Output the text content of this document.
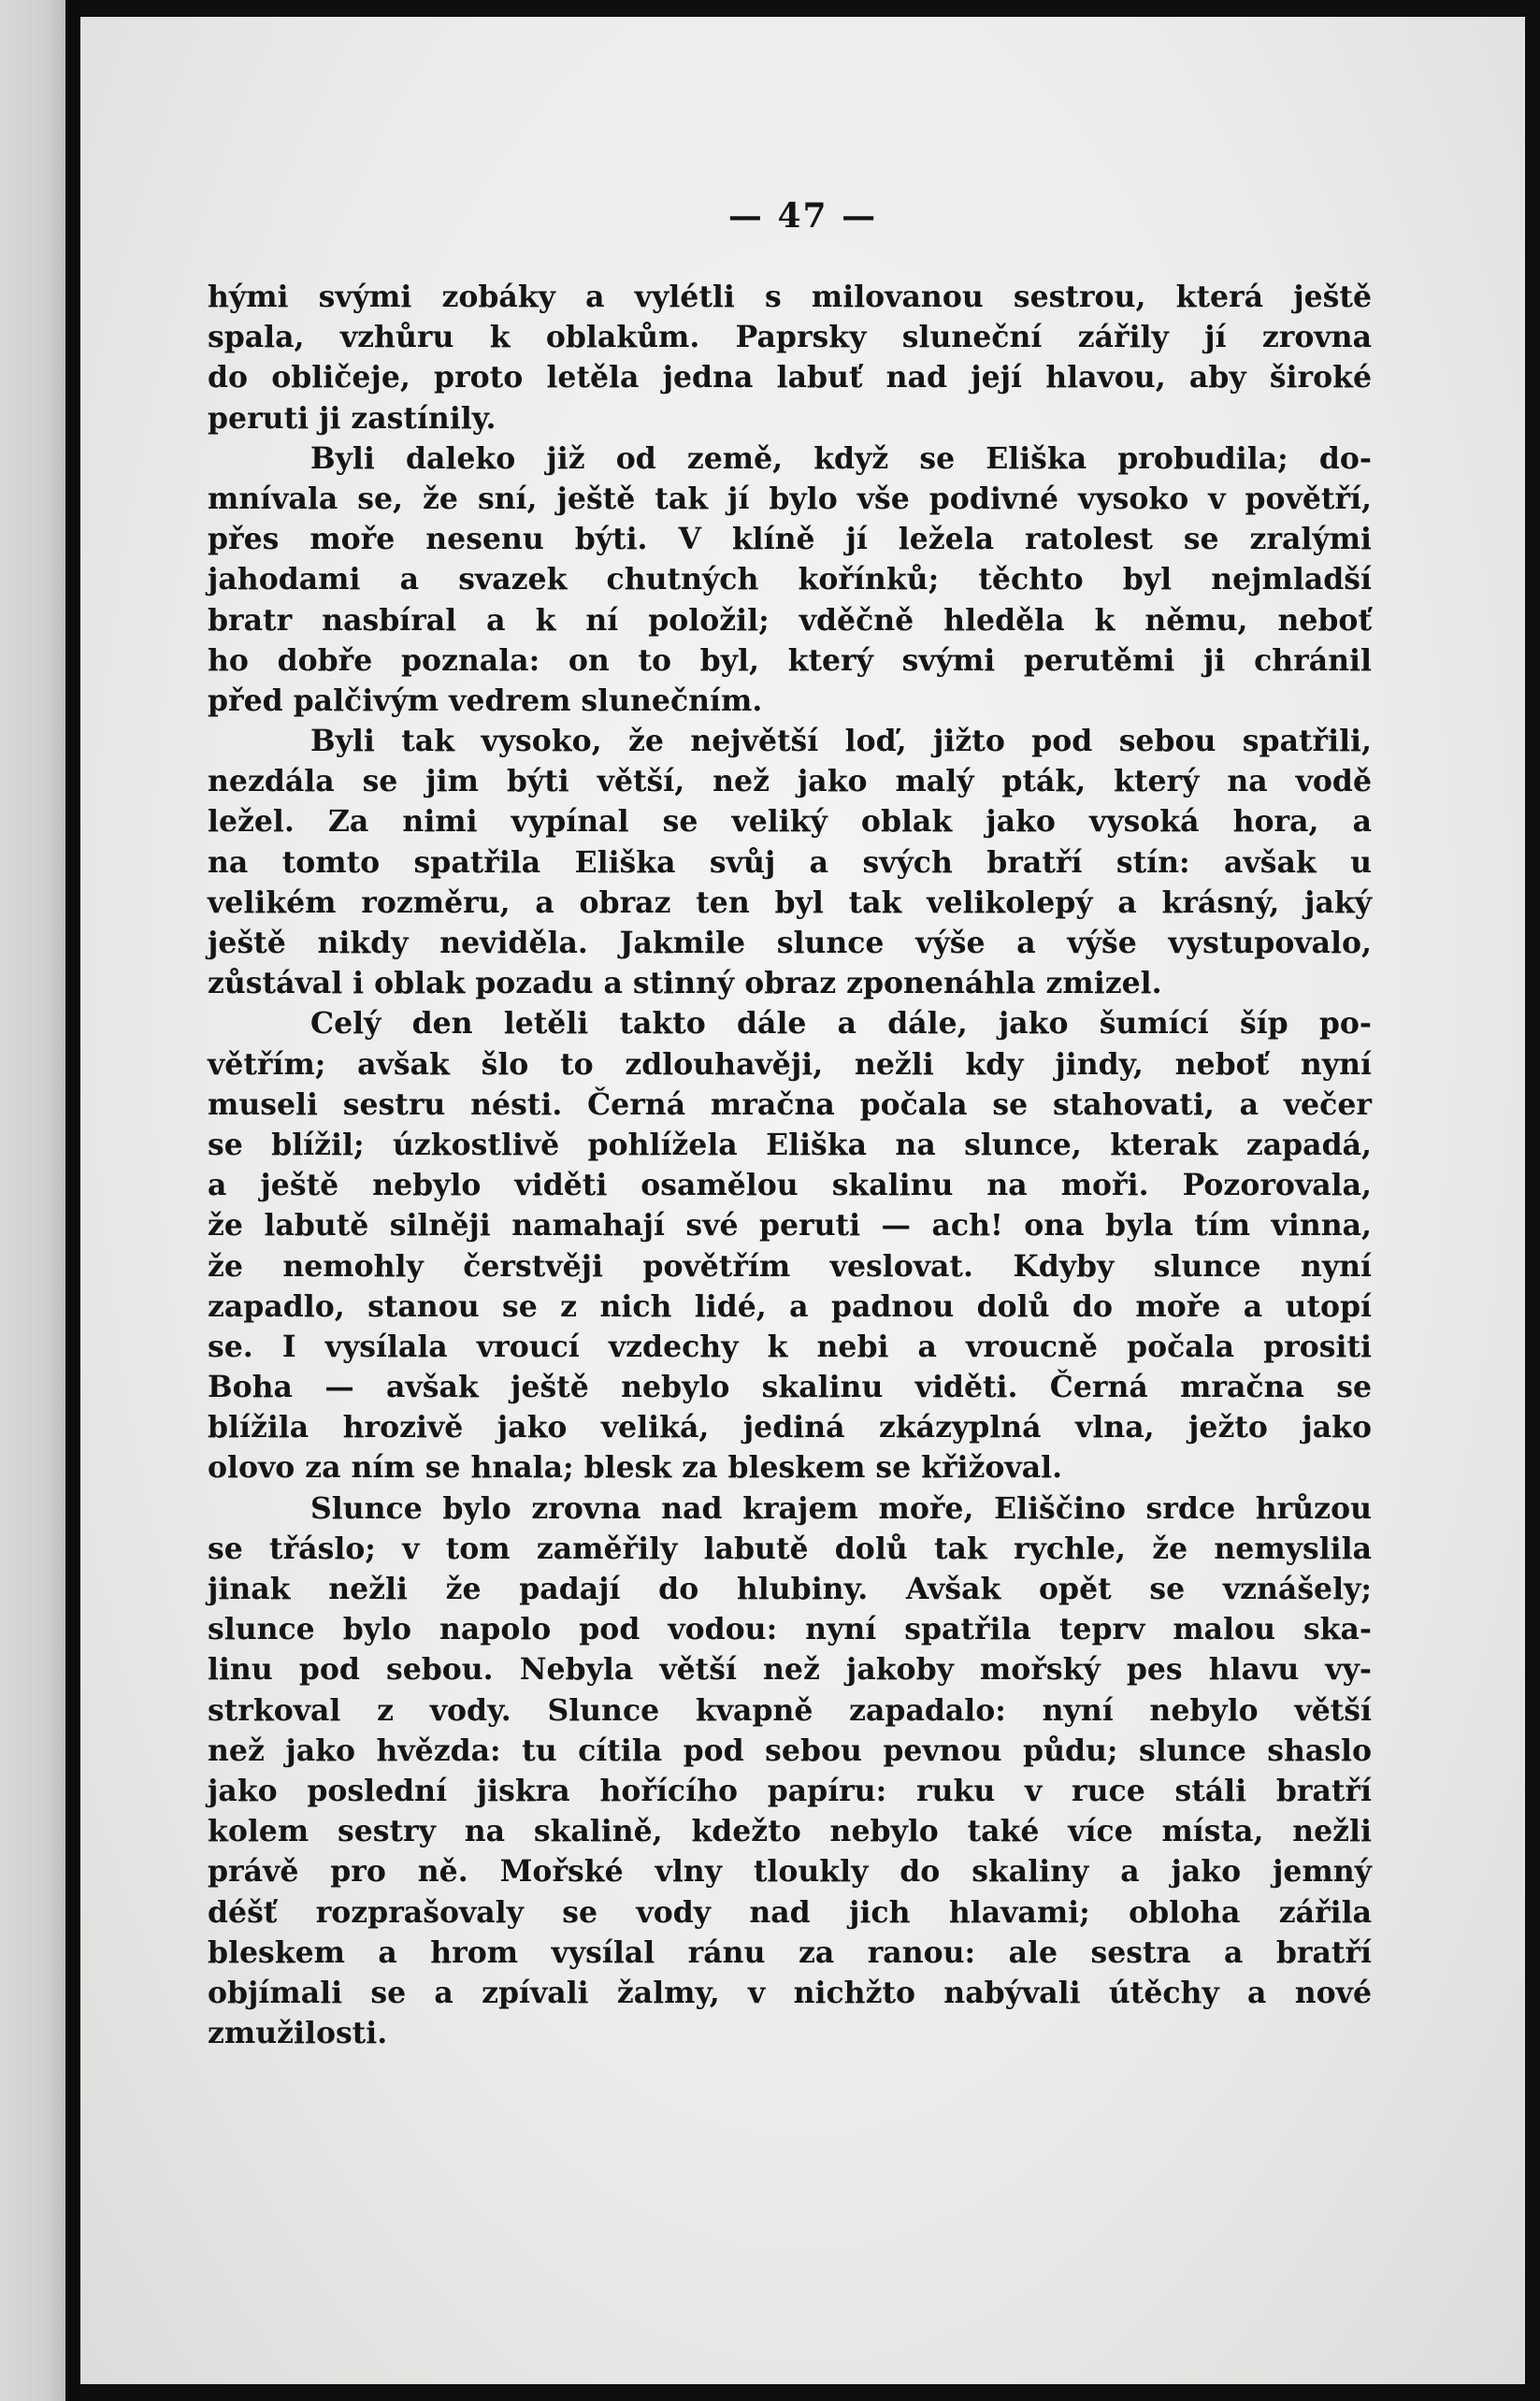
— 47 —
hými svými zobáky a vylétli s milovanou sestrou, která ještě
spala, vzhůru k oblakům. Paprsky sluneční zářily jí zrovna
do obličeje, proto letěla jedna labuť nad její hlavou, aby široké
peruti ji zastínily.
Byli daleko již od země, když se Eliška probudila; do-
mnívala se, že sní, ještě tak jí bylo vše podivné vysoko v povětří,
přes moře nesenu býti. V klíně jí ležela ratolest se zralými
jahodami a svazek chutných kořínků; těchto byl nejmladší
bratr nasbíral a k ní položil; vděčně hleděla k němu, neboť
ho dobře poznala: on to byl, který svými perutěmi ji chránil
před palčivým vedrem slunečním.
Byli tak vysoko, že největší loď, jižto pod sebou spatřili,
nezdála se jim býti větší, než jako malý pták, který na vodě
ležel. Za nimi vypínal se veliký oblak jako vysoká hora, a
na tomto spatřila Eliška svůj a svých bratří stín: avšak u
velikém rozměru, a obraz ten byl tak velikolepý a krásný, jaký
ještě nikdy neviděla. Jakmile slunce výše a výše vystupovalo,
zůstával i oblak pozadu a stinný obraz zponenáhla zmizel.
Celý den letěli takto dále a dále, jako šumící šíp po-
větřím; avšak šlo to zdlouhavěji, nežli kdy jindy, neboť nyní
museli sestru nésti. Černá mračna počala se stahovati, a večer
se blížil; úzkostlivě pohlížela Eliška na slunce, kterak zapadá,
a ještě nebylo viděti osamělou skalinu na moři. Pozorovala,
že labutě silněji namahají své peruti — ach! ona byla tím vinna,
že nemohly čerstvěji povětřím veslovat. Kdyby slunce nyní
zapadlo, stanou se z nich lidé, a padnou dolů do moře a utopí
se. I vysílala vroucí vzdechy k nebi a vroucně počala prositi
Boha — avšak ještě nebylo skalinu viděti. Černá mračna se
blížila hrozivě jako veliká, jediná zkázyplná vlna, ježto jako
olovo za ním se hnala; blesk za bleskem se křižoval.
Slunce bylo zrovna nad krajem moře, Eliščino srdce hrůzou
se třáslo; v tom zaměřily labutě dolů tak rychle, že nemyslila
jinak nežli že padají do hlubiny. Avšak opět se vznášely;
slunce bylo napolo pod vodou: nyní spatřila teprv malou ska-
linu pod sebou. Nebyla větší než jakoby mořský pes hlavu vy-
strkoval z vody. Slunce kvapně zapadalo: nyní nebylo větší
než jako hvězda: tu cítila pod sebou pevnou půdu; slunce shaslo
jako poslední jiskra hořícího papíru: ruku v ruce stáli bratří
kolem sestry na skalině, kdežto nebylo také více místa, nežli
právě pro ně. Mořské vlny tloukly do skaliny a jako jemný
déšť rozprašovaly se vody nad jich hlavami; obloha zářila
bleskem a hrom vysílal ránu za ranou: ale sestra a bratří
objímali se a zpívali žalmy, v nichžto nabývali útěchy a nové
zmužilosti.
